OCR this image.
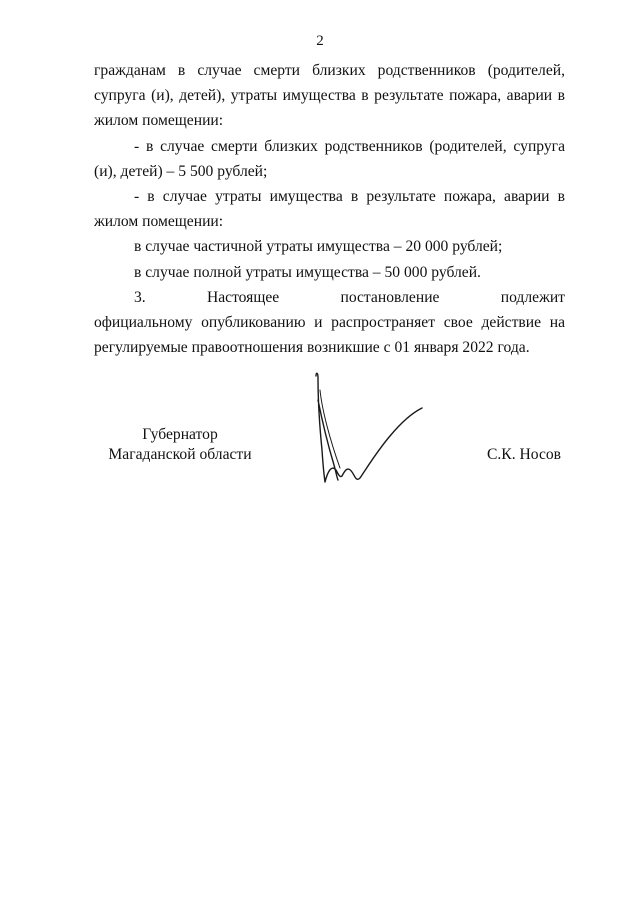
2

гражданам в случае смерти близких родственников (родителей, супруга (и), детей), утраты имущества в результате пожара, аварии в жилом помещении:

- в случае смерти близких родственников (родителей, супруга (и), детей) – 5 500 рублей;

- в случае утраты имущества в результате пожара, аварии в жилом помещении:

в случае частичной утраты имущества – 20 000 рублей;

в случае полной утраты имущества – 50 000 рублей.

3.      Настоящее      постановление      подлежит      официальному опубликованию и распространяет свое действие на регулируемые правоотношения возникшие с 01 января 2022 года.

Губернатор
Магаданской области	С.К. Носов
